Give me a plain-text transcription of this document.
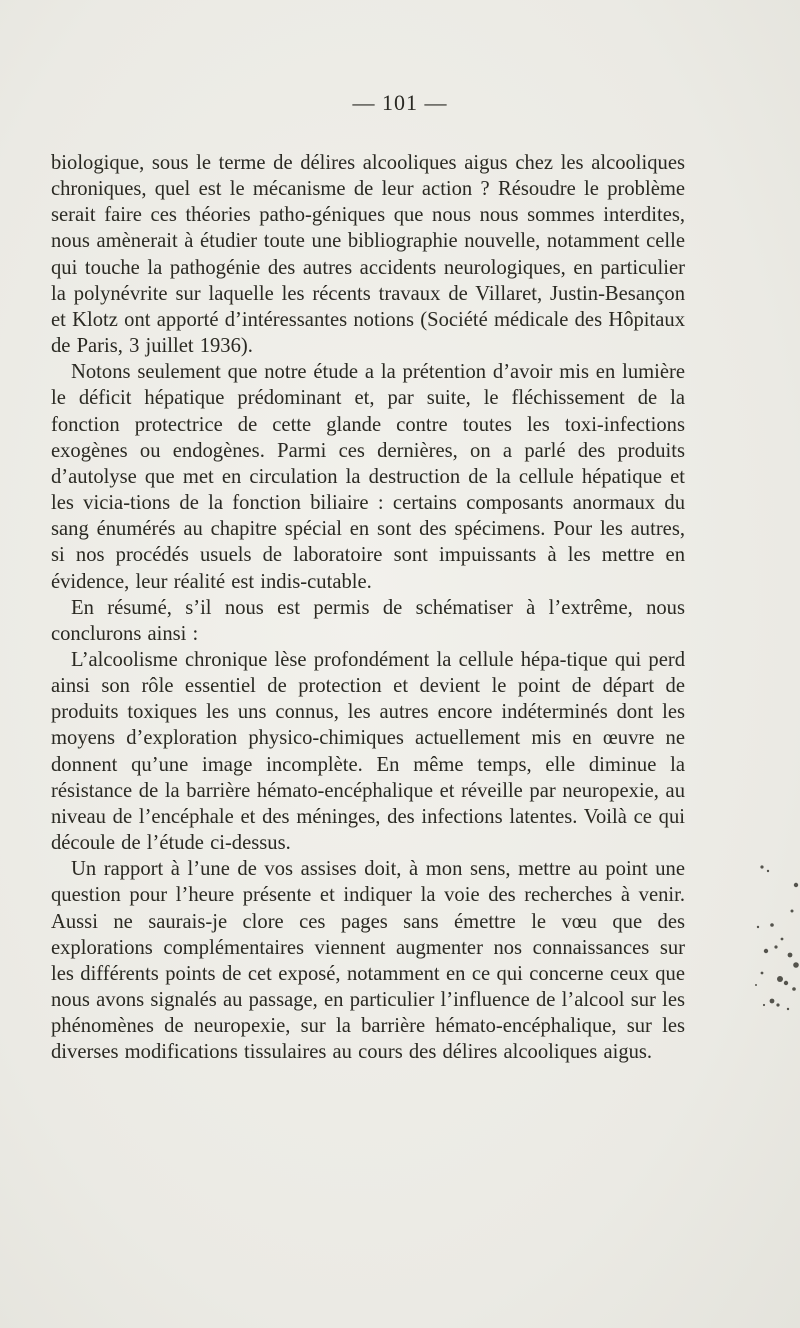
— 101 —

biologique, sous le terme de délires alcooliques aigus chez les alcooliques chroniques, quel est le mécanisme de leur action ? Résoudre le problème serait faire ces théories patho-géniques que nous nous sommes interdites, nous amènerait à étudier toute une bibliographie nouvelle, notamment celle qui touche la pathogénie des autres accidents neurologiques, en particulier la polynévrite sur laquelle les récents travaux de Villaret, Justin-Besançon et Klotz ont apporté d’intéressantes notions (Société médicale des Hôpitaux de Paris, 3 juillet 1936).

Notons seulement que notre étude a la prétention d’avoir mis en lumière le déficit hépatique prédominant et, par suite, le fléchissement de la fonction protectrice de cette glande contre toutes les toxi-infections exogènes ou endogènes. Parmi ces dernières, on a parlé des produits d’autolyse que met en circulation la destruction de la cellule hépatique et les vicia-tions de la fonction biliaire : certains composants anormaux du sang énumérés au chapitre spécial en sont des spécimens. Pour les autres, si nos procédés usuels de laboratoire sont impuissants à les mettre en évidence, leur réalité est indis-cutable.

En résumé, s’il nous est permis de schématiser à l’extrême, nous conclurons ainsi :

L’alcoolisme chronique lèse profondément la cellule hépa-tique qui perd ainsi son rôle essentiel de protection et devient le point de départ de produits toxiques les uns connus, les autres encore indéterminés dont les moyens d’exploration physico-chimiques actuellement mis en œuvre ne donnent qu’une image incomplète. En même temps, elle diminue la résistance de la barrière hémato-encéphalique et réveille par neuropexie, au niveau de l’encéphale et des méninges, des infections latentes. Voilà ce qui découle de l’étude ci-dessus.

Un rapport à l’une de vos assises doit, à mon sens, mettre au point une question pour l’heure présente et indiquer la voie des recherches à venir. Aussi ne saurais-je clore ces pages sans émettre le vœu que des explorations complémentaires viennent augmenter nos connaissances sur les différents points de cet exposé, notamment en ce qui concerne ceux que nous avons signalés au passage, en particulier l’influence de l’alcool sur les phénomènes de neuropexie, sur la barrière hémato-encéphalique, sur les diverses modifications tissulaires au cours des délires alcooliques aigus.
